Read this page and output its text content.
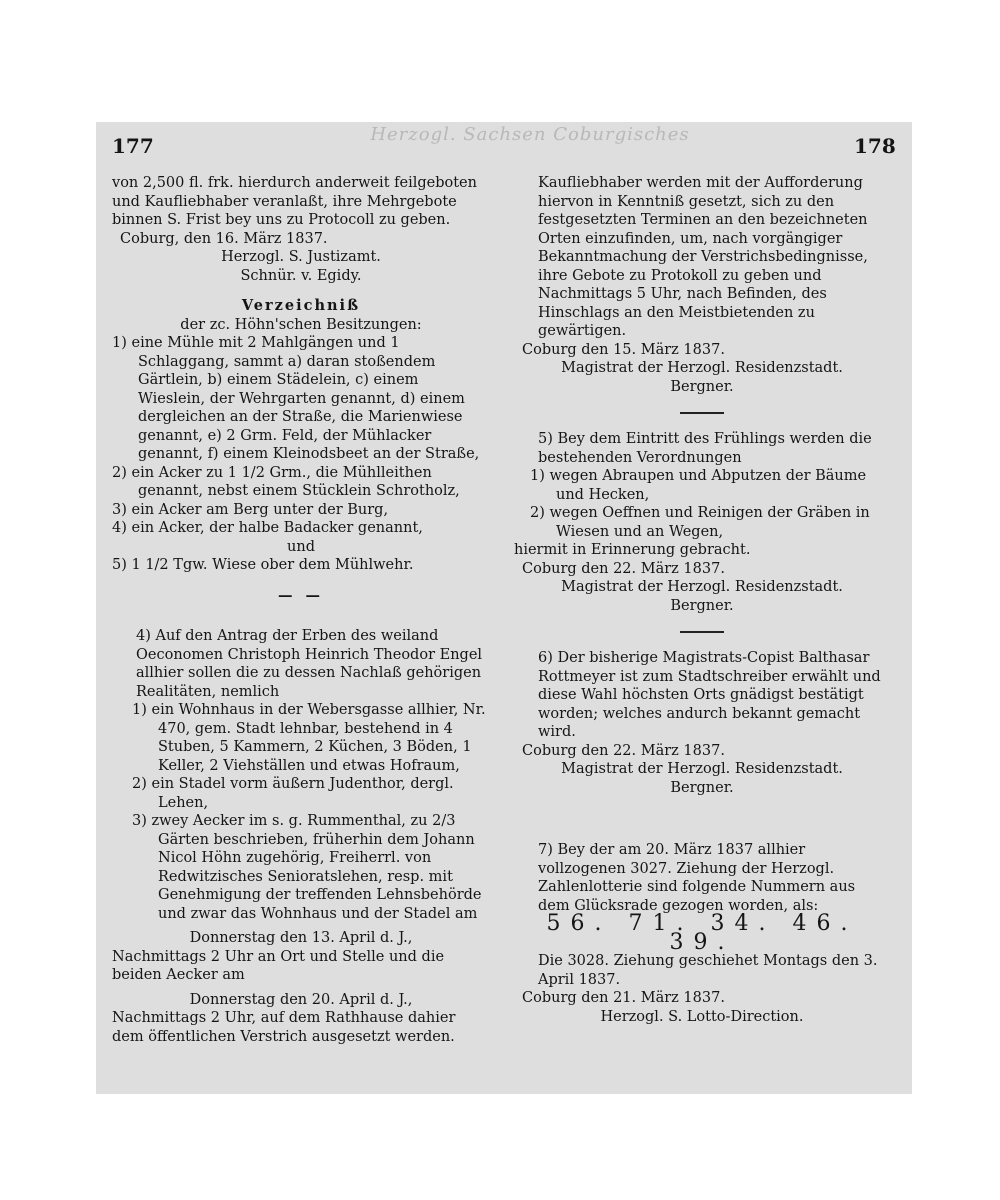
177	Herzogl. Sachsen Coburgisches	178

von 2,500 fl. frk. hierdurch anderweit feilgeboten und Kaufliebhaber veranlaßt, ihre Mehrgebote binnen S. Frist bey uns zu Protocoll zu geben.

Coburg, den 16. März 1837.

Herzogl. S. Justizamt.

Schnür. v. Egidy.

Verzeichniß

der zc. Höhn'schen Besitzungen:

1) eine Mühle mit 2 Mahlgängen und 1 Schlaggang, sammt a) daran stoßendem Gärtlein, b) einem Städelein, c) einem Wieslein, der Wehrgarten genannt, d) einem dergleichen an der Straße, die Marienwiese genannt, e) 2 Grm. Feld, der Mühlacker genannt, f) einem Kleinodsbeet an der Straße,

2) ein Acker zu 1 1/2 Grm., die Mühlleithen genannt, nebst einem Stücklein Schrotholz,

3) ein Acker am Berg unter der Burg,

4) ein Acker, der halbe Badacker genannt,

und

5) 1 1/2 Tgw. Wiese ober dem Mühlwehr.

— —

4) Auf den Antrag der Erben des weiland Oeconomen Christoph Heinrich Theodor Engel allhier sollen die zu dessen Nachlaß gehörigen Realitäten, nemlich

1) ein Wohnhaus in der Webersgasse allhier, Nr. 470, gem. Stadt lehnbar, bestehend in 4 Stuben, 5 Kammern, 2 Küchen, 3 Böden, 1 Keller, 2 Viehställen und etwas Hofraum,

2) ein Stadel vorm äußern Judenthor, dergl. Lehen,

3) zwey Aecker im s. g. Rummenthal, zu 2/3 Gärten beschrieben, früherhin dem Johann Nicol Höhn zugehörig, Freiherrl. von Redwitzisches Senioratslehen, resp. mit Genehmigung der treffenden Lehnsbehörde und zwar das Wohnhaus und der Stadel am

Donnerstag den 13. April d. J.,

Nachmittags 2 Uhr an Ort und Stelle und die beiden Aecker am

Donnerstag den 20. April d. J.,

Nachmittags 2 Uhr, auf dem Rathhause dahier dem öffentlichen Verstrich ausgesetzt werden.

Kaufliebhaber werden mit der Aufforderung hiervon in Kenntniß gesetzt, sich zu den festgesetzten Terminen an den bezeichneten Orten einzufinden, um, nach vorgängiger Bekanntmachung der Verstrichsbedingnisse, ihre Gebote zu Protokoll zu geben und Nachmittags 5 Uhr, nach Befinden, des Hinschlags an den Meistbietenden zu gewärtigen.

Coburg den 15. März 1837.

Magistrat der Herzogl. Residenzstadt.

Bergner.

5) Bey dem Eintritt des Frühlings werden die bestehenden Verordnungen

1) wegen Abraupen und Abputzen der Bäume und Hecken,

2) wegen Oeffnen und Reinigen der Gräben in Wiesen und an Wegen,

hiermit in Erinnerung gebracht.

Coburg den 22. März 1837.

Magistrat der Herzogl. Residenzstadt.

Bergner.

6) Der bisherige Magistrats-Copist Balthasar Rottmeyer ist zum Stadtschreiber erwählt und diese Wahl höchsten Orts gnädigst bestätigt worden; welches andurch bekannt gemacht wird.

Coburg den 22. März 1837.

Magistrat der Herzogl. Residenzstadt.

Bergner.

7) Bey der am 20. März 1837 allhier vollzogenen 3027. Ziehung der Herzogl. Zahlenlotterie sind folgende Nummern aus dem Glücksrade gezogen worden, als:

56. 71. 34. 46. 39.

Die 3028. Ziehung geschiehet Montags den 3. April 1837.

Coburg den 21. März 1837.

Herzogl. S. Lotto-Direction.
